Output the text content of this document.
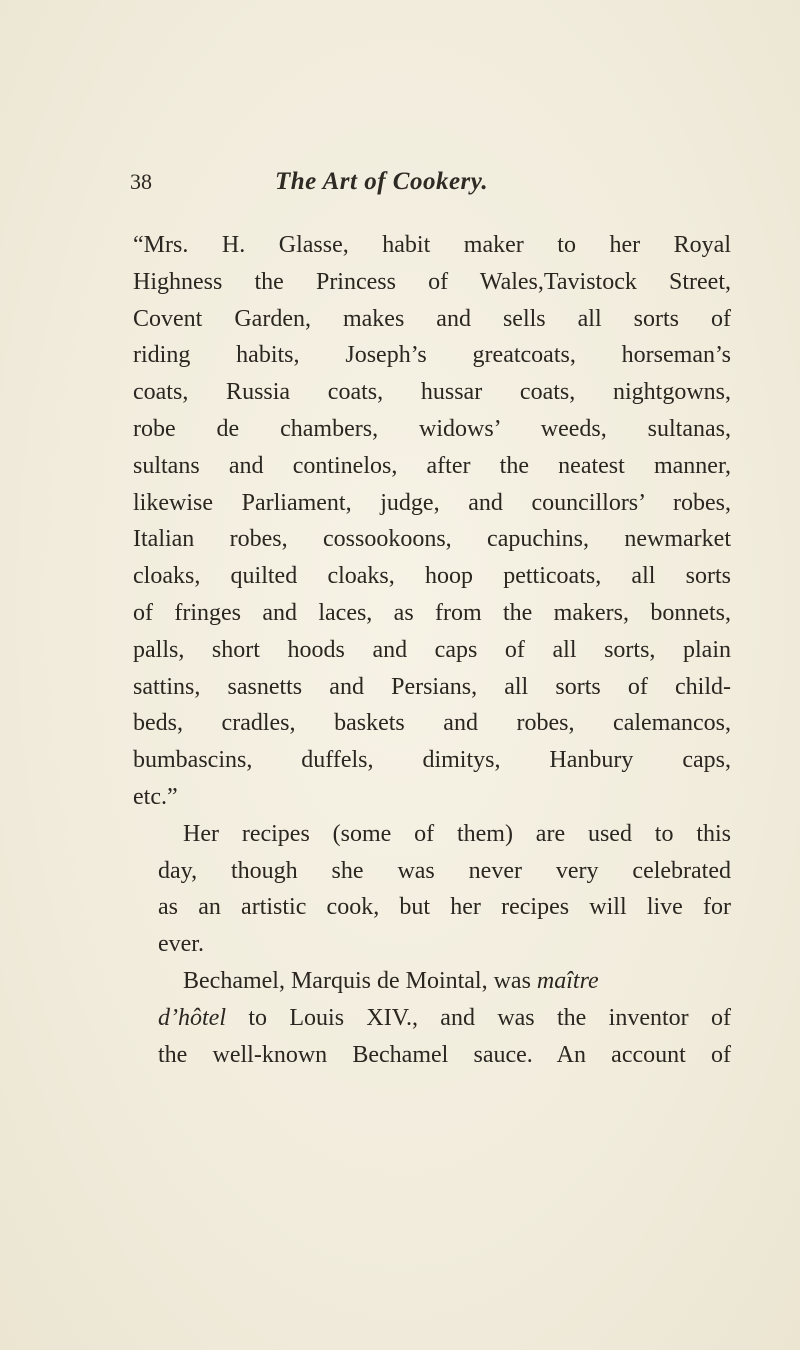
38	The Art of Cookery.

“Mrs. H. Glasse, habit maker to her Royal
Highness the Princess of Wales,Tavistock Street,
Covent Garden, makes and sells all sorts of
riding habits, Joseph’s greatcoats, horseman’s
coats, Russia coats, hussar coats, nightgowns,
robe de chambers, widows’ weeds, sultanas,
sultans and continelos, after the neatest manner,
likewise Parliament, judge, and councillors’ robes,
Italian robes, cossookoons, capuchins, newmarket
cloaks, quilted cloaks, hoop petticoats, all sorts
of fringes and laces, as from the makers, bonnets,
palls, short hoods and caps of all sorts, plain
sattins, sasnetts and Persians, all sorts of child-
beds, cradles, baskets and robes, calemancos,
bumbascins, duffels, dimitys, Hanbury caps,
etc.”

Her recipes (some of them) are used to this
day, though she was never very celebrated
as an artistic cook, but her recipes will live for
ever.

Bechamel, Marquis de Mointal, was maître
d’hôtel to Louis XIV., and was the inventor of
the well-known Bechamel sauce. An account of
